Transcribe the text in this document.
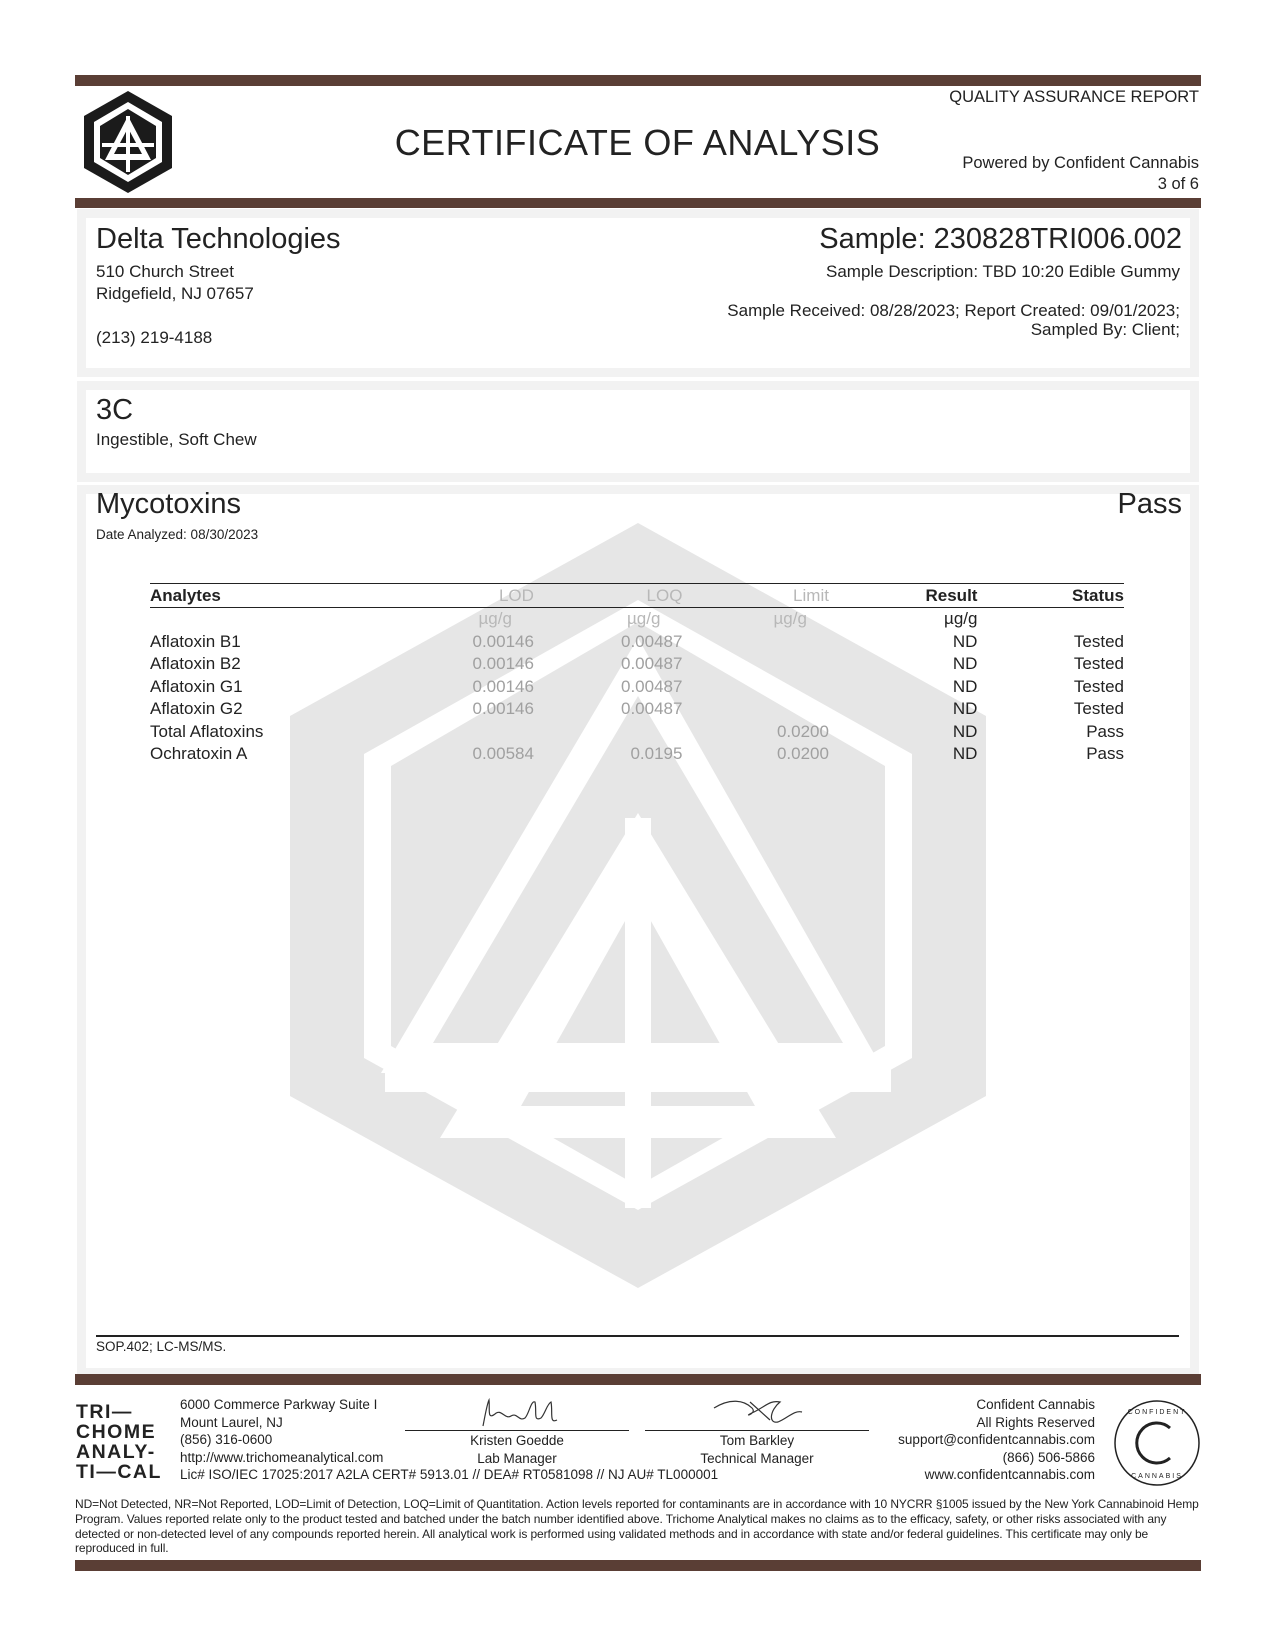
CERTIFICATE OF ANALYSIS
QUALITY ASSURANCE REPORT
Powered by Confident Cannabis
3 of 6
Delta Technologies
510 Church Street
Ridgefield, NJ 07657
(213) 219-4188
Sample: 230828TRI006.002
Sample Description: TBD 10:20 Edible Gummy
Sample Received: 08/28/2023; Report Created: 09/01/2023;
Sampled By: Client;
3C
Ingestible, Soft Chew
Mycotoxins	Pass
Date Analyzed: 08/30/2023
Analytes	LOD	LOQ	Limit	Result	Status
	µg/g	µg/g	µg/g	µg/g	
Aflatoxin B1	0.00146	0.00487		ND	Tested
Aflatoxin B2	0.00146	0.00487		ND	Tested
Aflatoxin G1	0.00146	0.00487		ND	Tested
Aflatoxin G2	0.00146	0.00487		ND	Tested
Total Aflatoxins			0.0200	ND	Pass
Ochratoxin A	0.00584	0.0195	0.0200	ND	Pass
SOP.402; LC-MS/MS.
TRI—
CHOME
ANALY-
TI—CAL
6000 Commerce Parkway Suite I
Mount Laurel, NJ
(856) 316-0600
http://www.trichomeanalytical.com
Lic# ISO/IEC 17025:2017 A2LA CERT# 5913.01 // DEA# RT0581098 // NJ AU# TL000001
Kristen Goedde
Lab Manager
Tom Barkley
Technical Manager
Confident Cannabis
All Rights Reserved
support@confidentcannabis.com
(866) 506-5866
www.confidentcannabis.com
CONFIDENT
CANNABIS
ND=Not Detected, NR=Not Reported, LOD=Limit of Detection, LOQ=Limit of Quantitation. Action levels reported for contaminants are in accordance with 10 NYCRR §1005 issued by the New York Cannabinoid Hemp Program. Values reported relate only to the product tested and batched under the batch number identified above. Trichome Analytical makes no claims as to the efficacy, safety, or other risks associated with any detected or non-detected level of any compounds reported herein. All analytical work is performed using validated methods and in accordance with state and/or federal guidelines. This certificate may only be reproduced in full.
